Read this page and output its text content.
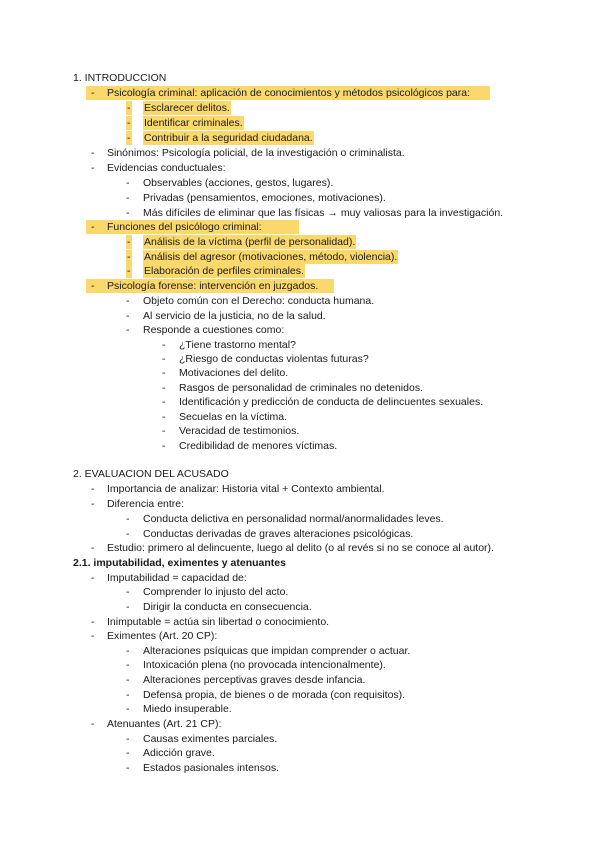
1. INTRODUCCION
- Psicología criminal: aplicación de conocimientos y métodos psicológicos para:
- Esclarecer delitos.
- Identificar criminales.
- Contribuir a la seguridad ciudadana.
- Sinónimos: Psicología policial, de la investigación o criminalista.
- Evidencias conductuales:
- Observables (acciones, gestos, lugares).
- Privadas (pensamientos, emociones, motivaciones).
- Más difíciles de eliminar que las físicas → muy valiosas para la investigación.
- Funciones del psicólogo criminal:
- Análisis de la víctima (perfil de personalidad).
- Análisis del agresor (motivaciones, método, violencia).
- Elaboración de perfiles criminales.
- Psicología forense: intervención en juzgados.
- Objeto común con el Derecho: conducta humana.
- Al servicio de la justicia, no de la salud.
- Responde a cuestiones como:
- ¿Tiene trastorno mental?
- ¿Riesgo de conductas violentas futuras?
- Motivaciones del delito.
- Rasgos de personalidad de criminales no detenidos.
- Identificación y predicción de conducta de delincuentes sexuales.
- Secuelas en la víctima.
- Veracidad de testimonios.
- Credibilidad de menores víctimas.
2. EVALUACION DEL ACUSADO
- Importancia de analizar: Historia vital + Contexto ambiental.
- Diferencia entre:
- Conducta delictiva en personalidad normal/anormalidades leves.
- Conductas derivadas de graves alteraciones psicológicas.
- Estudio: primero al delincuente, luego al delito (o al revés si no se conoce al autor).
2.1. imputabilidad, eximentes y atenuantes
- Imputabilidad = capacidad de:
- Comprender lo injusto del acto.
- Dirigir la conducta en consecuencia.
- Inimputable = actúa sin libertad o conocimiento.
- Eximentes (Art. 20 CP):
- Alteraciones psíquicas que impidan comprender o actuar.
- Intoxicación plena (no provocada intencionalmente).
- Alteraciones perceptivas graves desde infancia.
- Defensa propia, de bienes o de morada (con requisitos).
- Miedo insuperable.
- Atenuantes (Art. 21 CP):
- Causas eximentes parciales.
- Adicción grave.
- Estados pasionales intensos.
